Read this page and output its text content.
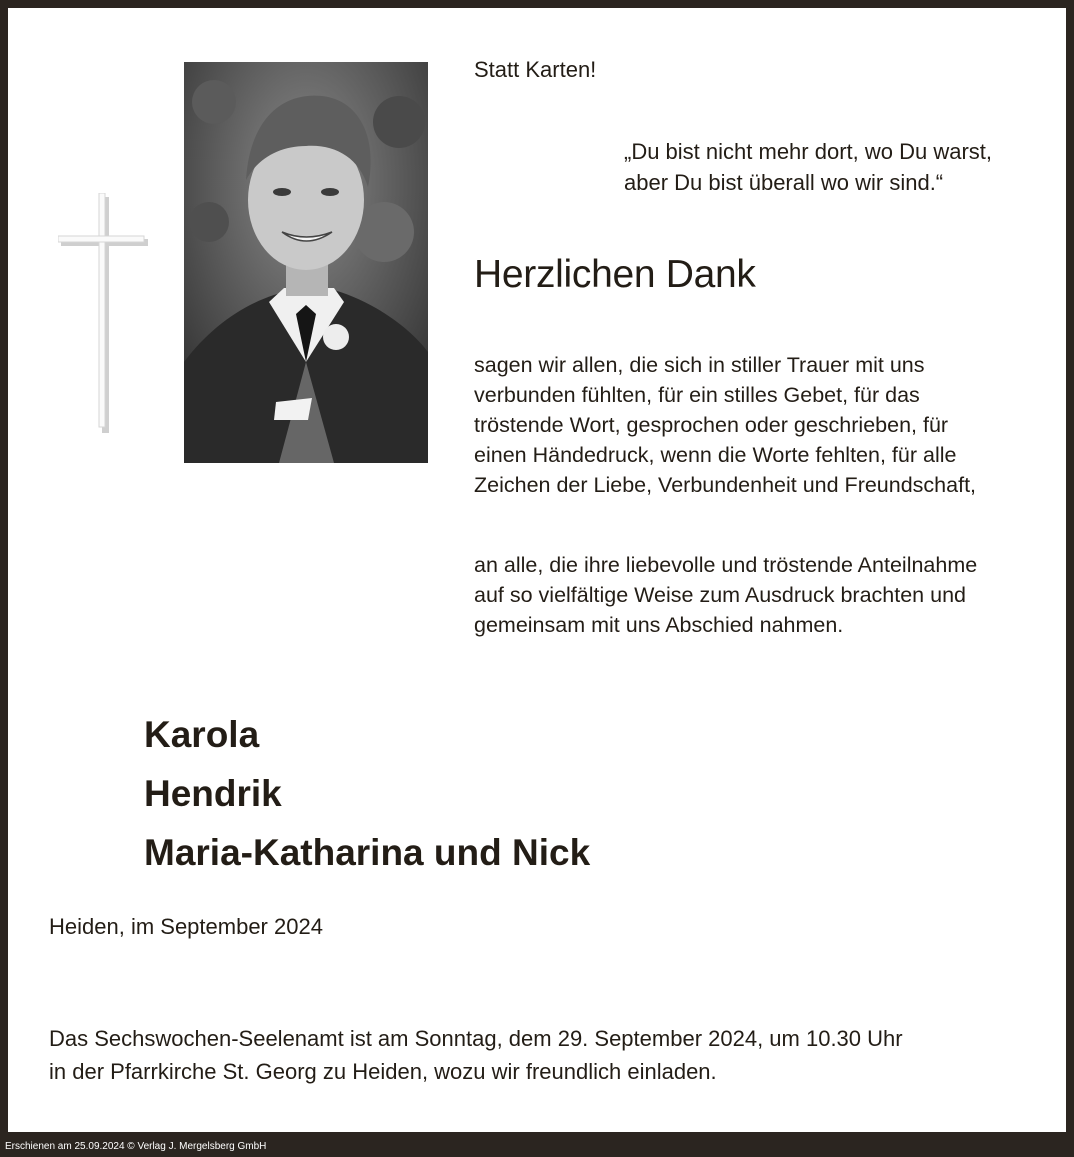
Statt Karten!
„Du bist nicht mehr dort, wo Du warst,
aber Du bist überall wo wir sind.“
Herzlichen Dank
sagen wir allen, die sich in stiller Trauer mit uns
verbunden fühlten, für ein stilles Gebet, für das
tröstende Wort, gesprochen oder geschrieben, für
einen Händedruck, wenn die Worte fehlten, für alle
Zeichen der Liebe, Verbundenheit und Freundschaft,
an alle, die ihre liebevolle und tröstende Anteilnahme
auf so vielfältige Weise zum Ausdruck brachten und
gemeinsam mit uns Abschied nahmen.
Karola
Hendrik
Maria-Katharina und Nick
Heiden, im September 2024
Das Sechswochen-Seelenamt ist am Sonntag, dem 29. September 2024, um 10.30 Uhr
in der Pfarrkirche St. Georg zu Heiden, wozu wir freundlich einladen.
Erschienen am 25.09.2024 © Verlag J. Mergelsberg GmbH
